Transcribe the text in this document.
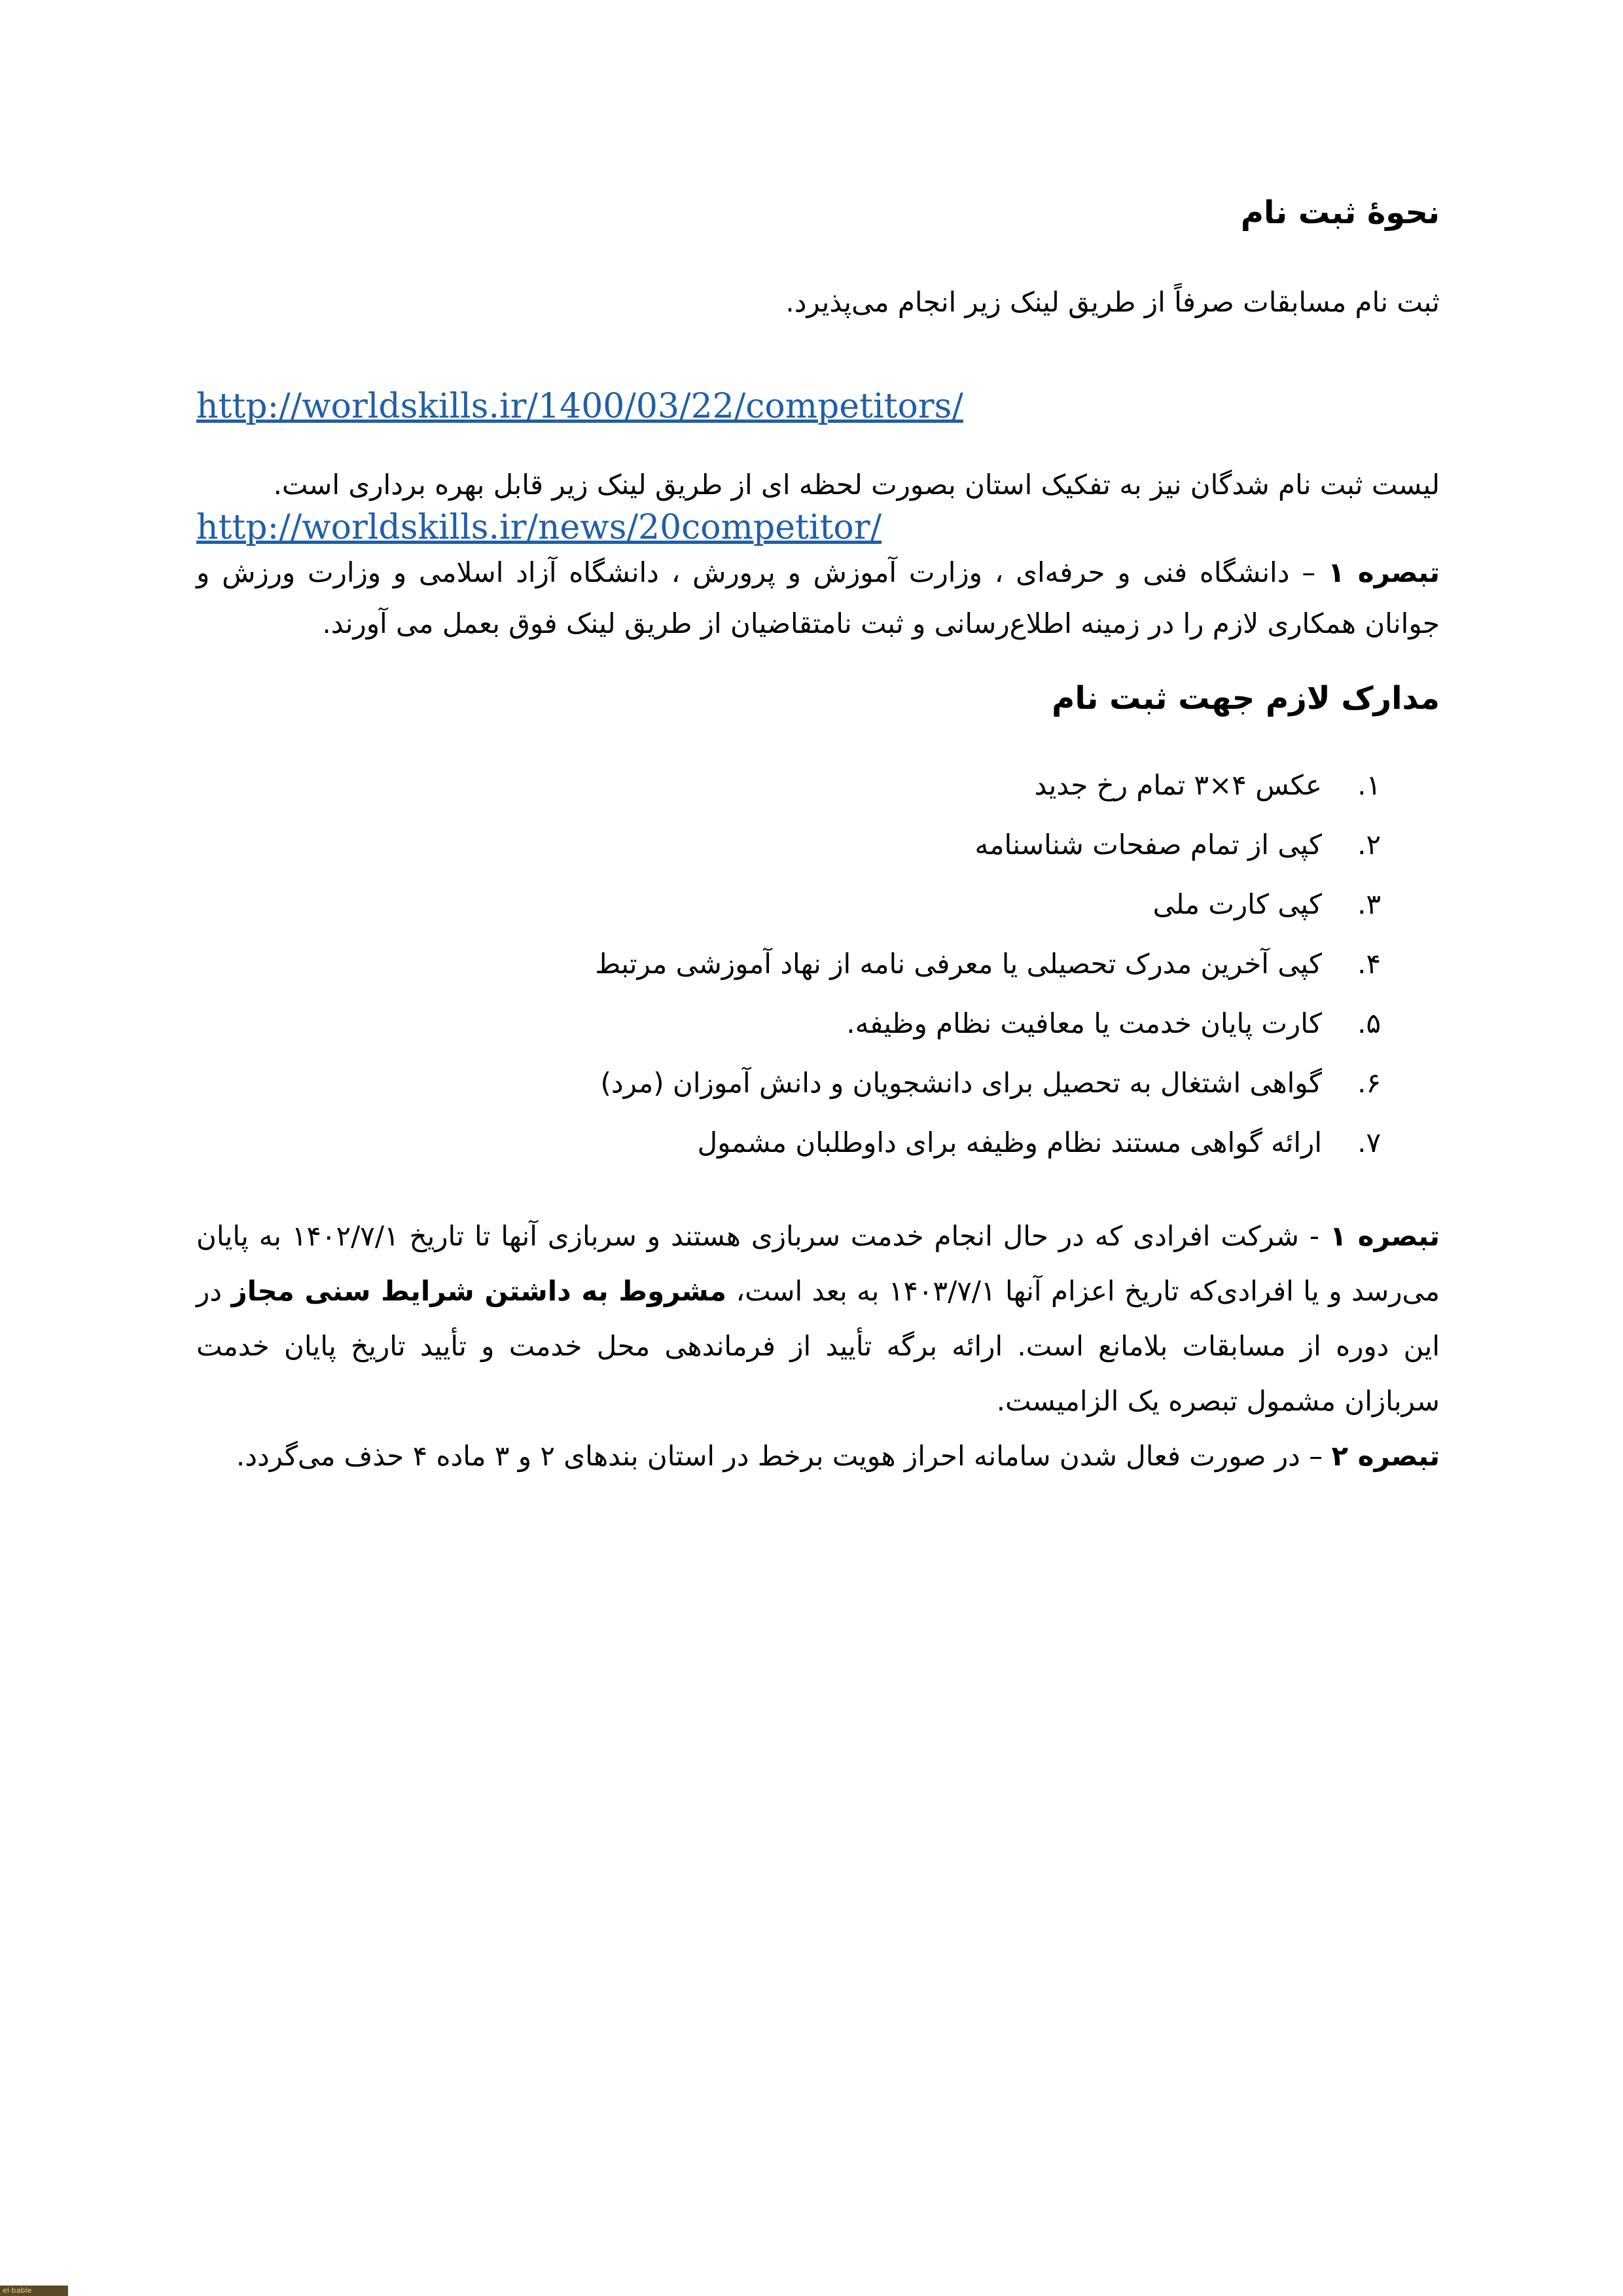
نحوۀ ثبت نام

ثبت نام مسابقات صرفاً از طریق لینک زیر انجام می‌پذیرد.

http://worldskills.ir/1400/03/22/competitors/

لیست ثبت نام شدگان نیز به تفکیک استان بصورت لحظه ای از طریق لینک زیر قابل بهره برداری است.

http://worldskills.ir/news/20competitor/

تبصره ۱ – دانشگاه فنی و حرفه‌ای ، وزارت آموزش و پرورش ، دانشگاه آزاد اسلامی و وزارت ورزش و جوانان همکاری لازم را در زمینه اطلاع‌رسانی و ثبت نامتقاضیان از طریق لینک فوق بعمل می آورند.

مدارک لازم جهت ثبت نام
۱.
عکس ۴×۳ تمام رخ جدید
۲.
کپی از تمام صفحات شناسنامه
۳.
کپی کارت ملی
۴.
کپی آخرین مدرک تحصیلی یا معرفی نامه از نهاد آموزشی مرتبط
۵.
کارت پایان خدمت یا معافیت نظام وظیفه.
۶.
گواهی اشتغال به تحصیل برای دانشجویان و دانش آموزان (مرد)
۷.
ارائه گواهی مستند نظام وظیفه برای داوطلبان مشمول

تبصره ۱ - شرکت افرادی که در حال انجام خدمت سربازی هستند و سربازی آنها تا تاریخ ۱۴۰۲/۷/۱ به پایان می‌رسد و یا افرادی‌که تاریخ اعزام آنها ۱۴۰۳/۷/۱ به بعد است، مشروط به داشتن شرایط سنی مجاز در این دوره از مسابقات بلامانع است. ارائه برگه تأیید از فرماندهی محل خدمت و تأیید تاریخ پایان خدمت سربازان مشمول تبصره یک الزامیست.

تبصره ۲ – در صورت فعال شدن سامانه احراز هویت برخط در استان بندهای ۲ و ۳ ماده ۴ حذف می‌گردد.

el-bable
